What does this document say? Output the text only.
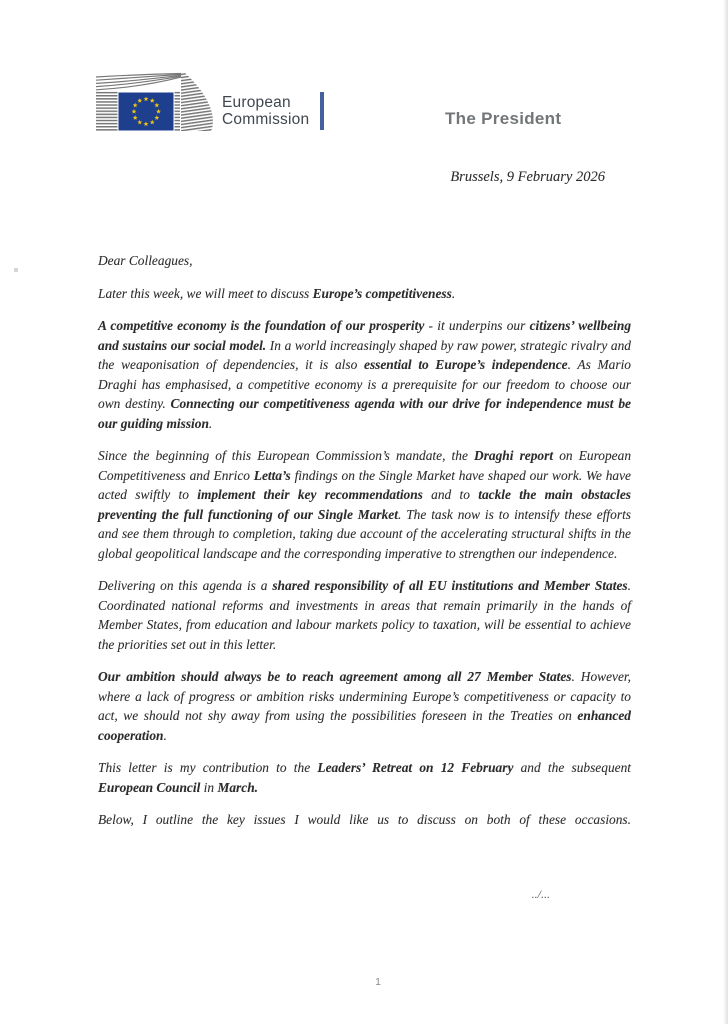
European
Commission	The President
Brussels, 9 February 2026

Dear Colleagues,

Later this week, we will meet to discuss Europe’s competitiveness.

A competitive economy is the foundation of our prosperity - it underpins our citizens’ wellbeing and sustains our social model. In a world increasingly shaped by raw power, strategic rivalry and the weaponisation of dependencies, it is also essential to Europe’s independence. As Mario Draghi has emphasised, a competitive economy is a prerequisite for our freedom to choose our own destiny. Connecting our competitiveness agenda with our drive for independence must be our guiding mission.

Since the beginning of this European Commission’s mandate, the Draghi report on European Competitiveness and Enrico Letta’s findings on the Single Market have shaped our work. We have acted swiftly to implement their key recommendations and to tackle the main obstacles preventing the full functioning of our Single Market. The task now is to intensify these efforts and see them through to completion, taking due account of the accelerating structural shifts in the global geopolitical landscape and the corresponding imperative to strengthen our independence.

Delivering on this agenda is a shared responsibility of all EU institutions and Member States. Coordinated national reforms and investments in areas that remain primarily in the hands of Member States, from education and labour markets policy to taxation, will be essential to achieve the priorities set out in this letter.

Our ambition should always be to reach agreement among all 27 Member States. However, where a lack of progress or ambition risks undermining Europe’s competitiveness or capacity to act, we should not shy away from using the possibilities foreseen in the Treaties on enhanced cooperation.

This letter is my contribution to the Leaders’ Retreat on 12 February and the subsequent European Council in March.

Below, I outline the key issues I would like us to discuss on both of these occasions.

../...
1
